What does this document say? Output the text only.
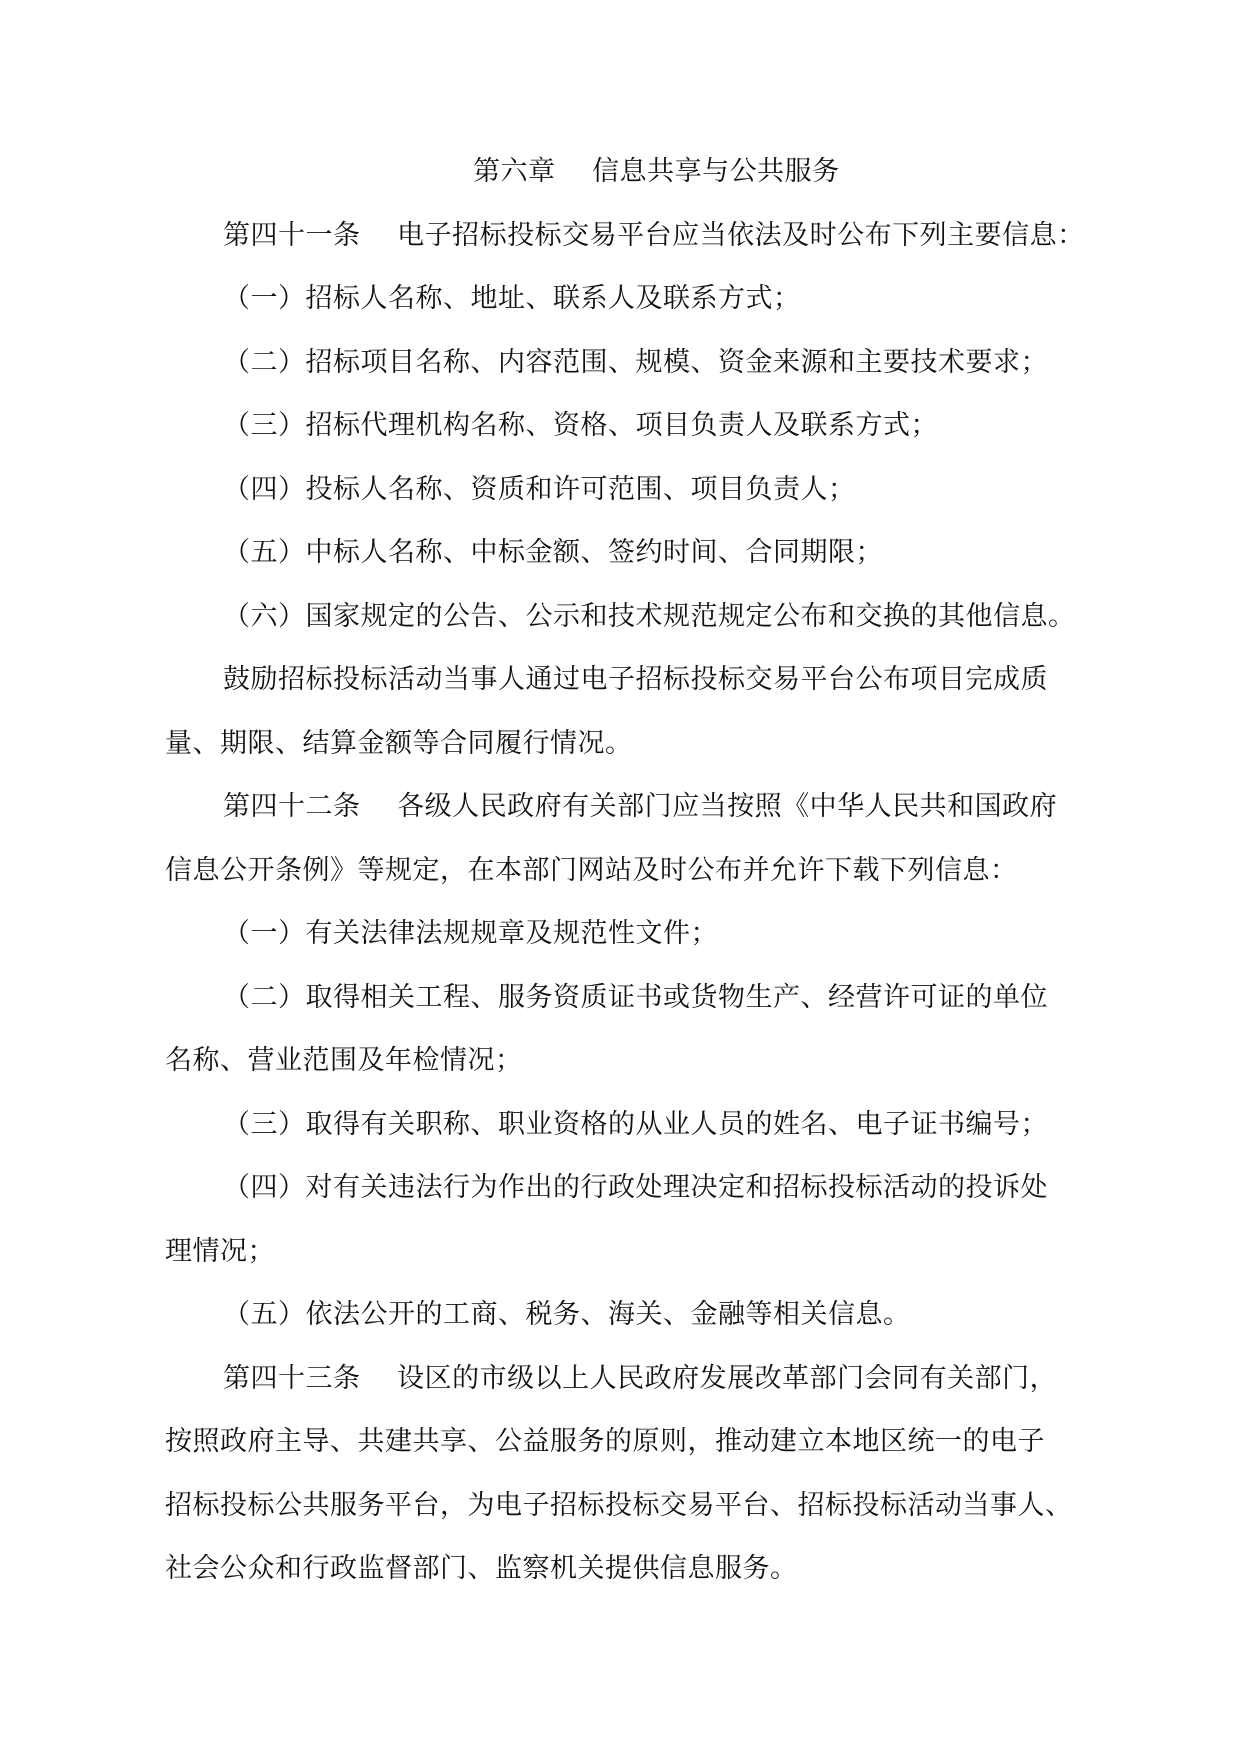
第六章　 信息共享与公共服务
第四十一条　 电子招标投标交易平台应当依法及时公布下列主要信息：
（一）招标人名称、地址、联系人及联系方式；
（二）招标项目名称、内容范围、规模、资金来源和主要技术要求；
（三）招标代理机构名称、资格、项目负责人及联系方式；
（四）投标人名称、资质和许可范围、项目负责人；
（五）中标人名称、中标金额、签约时间、合同期限；
（六）国家规定的公告、公示和技术规范规定公布和交换的其他信息。
鼓励招标投标活动当事人通过电子招标投标交易平台公布项目完成质
量、期限、结算金额等合同履行情况。
第四十二条　 各级人民政府有关部门应当按照《中华人民共和国政府
信息公开条例》等规定，在本部门网站及时公布并允许下载下列信息：
（一）有关法律法规规章及规范性文件；
（二）取得相关工程、服务资质证书或货物生产、经营许可证的单位
名称、营业范围及年检情况；
（三）取得有关职称、职业资格的从业人员的姓名、电子证书编号；
（四）对有关违法行为作出的行政处理决定和招标投标活动的投诉处
理情况；
（五）依法公开的工商、税务、海关、金融等相关信息。
第四十三条　 设区的市级以上人民政府发展改革部门会同有关部门，
按照政府主导、共建共享、公益服务的原则，推动建立本地区统一的电子
招标投标公共服务平台，为电子招标投标交易平台、招标投标活动当事人、
社会公众和行政监督部门、监察机关提供信息服务。
